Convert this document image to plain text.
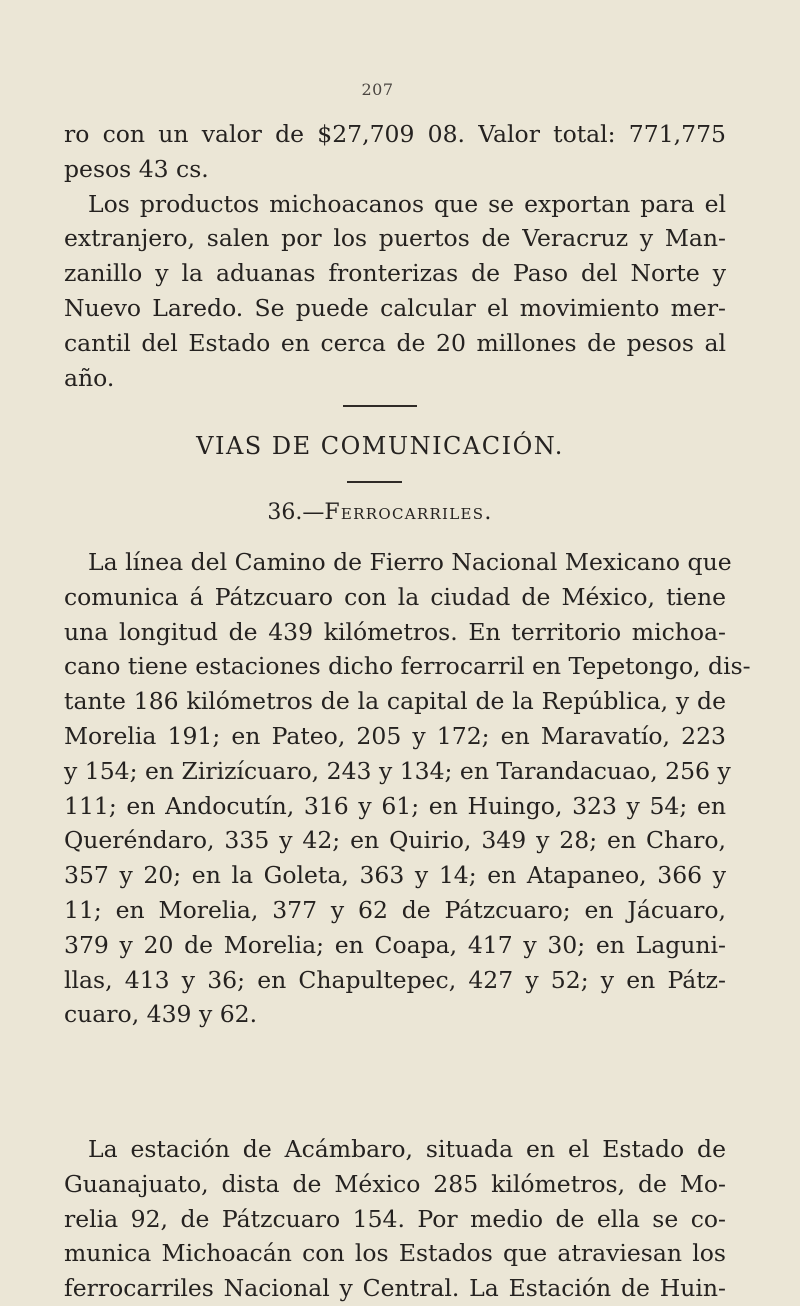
207
ro con un valor de $27,709 08. Valor total: 771,775
pesos 43 cs.
Los productos michoacanos que se exportan para el
extranjero, salen por los puertos de Veracruz y Man-
zanillo y la aduanas fronterizas de Paso del Norte y
Nuevo Laredo. Se puede calcular el movimiento mer-
cantil del Estado en cerca de 20 millones de pesos al
año.
VIAS DE COMUNICACIÓN.
36.—Ferrocarriles.
La línea del Camino de Fierro Nacional Mexicano que
comunica á Pátzcuaro con la ciudad de México, tiene
una longitud de 439 kilómetros. En territorio michoa-
cano tiene estaciones dicho ferrocarril en Tepetongo, dis-
tante 186 kilómetros de la capital de la República, y de
Morelia 191; en Pateo, 205 y 172; en Maravatío, 223
y 154; en Zirizícuaro, 243 y 134; en Tarandacuao, 256 y
111; en Andocutín, 316 y 61; en Huingo, 323 y 54; en
Queréndaro, 335 y 42; en Quirio, 349 y 28; en Charo,
357 y 20; en la Goleta, 363 y 14; en Atapaneo, 366 y
11; en Morelia, 377 y 62 de Pátzcuaro; en Jácuaro,
379 y 20 de Morelia; en Coapa, 417 y 30; en Laguni-
llas, 413 y 36; en Chapultepec, 427 y 52; y en Pátz-
cuaro, 439 y 62.
La estación de Acámbaro, situada en el Estado de
Guanajuato, dista de México 285 kilómetros, de Mo-
relia 92, de Pátzcuaro 154. Por medio de ella se co-
munica Michoacán con los Estados que atraviesan los
ferrocarriles Nacional y Central. La Estación de Huin-
